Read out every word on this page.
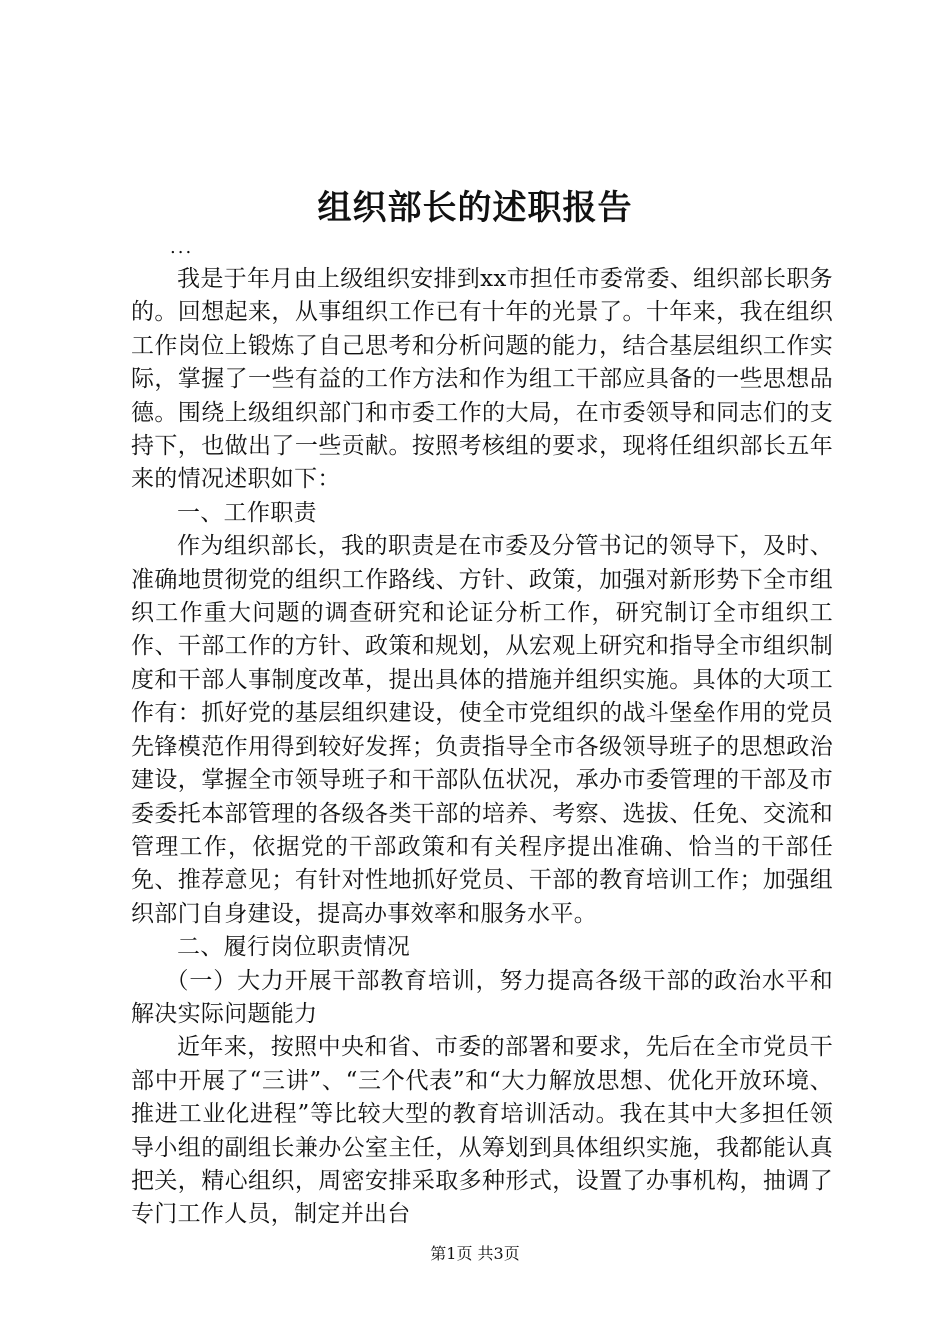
组织部长的述职报告
...

我是于年月由上级组织安排到xx市担任市委常委、组织部长职务的。回想起来，从事组织工作已有十年的光景了。十年来，我在组织工作岗位上锻炼了自己思考和分析问题的能力，结合基层组织工作实际，掌握了一些有益的工作方法和作为组工干部应具备的一些思想品德。围绕上级组织部门和市委工作的大局，在市委领导和同志们的支持下，也做出了一些贡献。按照考核组的要求，现将任组织部长五年来的情况述职如下：

一、工作职责

作为组织部长，我的职责是在市委及分管书记的领导下，及时、准确地贯彻党的组织工作路线、方针、政策，加强对新形势下全市组织工作重大问题的调查研究和论证分析工作，研究制订全市组织工作、干部工作的方针、政策和规划，从宏观上研究和指导全市组织制度和干部人事制度改革，提出具体的措施并组织实施。具体的大项工作有：抓好党的基层组织建设，使全市党组织的战斗堡垒作用的党员先锋模范作用得到较好发挥；负责指导全市各级领导班子的思想政治建设，掌握全市领导班子和干部队伍状况，承办市委管理的干部及市委委托本部管理的各级各类干部的培养、考察、选拔、任免、交流和管理工作，依据党的干部政策和有关程序提出准确、恰当的干部任免、推荐意见；有针对性地抓好党员、干部的教育培训工作；加强组织部门自身建设，提高办事效率和服务水平。

二、履行岗位职责情况

（一）大力开展干部教育培训，努力提高各级干部的政治水平和解决实际问题能力

近年来，按照中央和省、市委的部署和要求，先后在全市党员干部中开展了“三讲”、“三个代表”和“大力解放思想、优化开放环境、推进工业化进程”等比较大型的教育培训活动。我在其中大多担任领导小组的副组长兼办公室主任，从筹划到具体组织实施，我都能认真把关，精心组织，周密安排采取多种形式，设置了办事机构，抽调了专门工作人员，制定并出台

第1页 共3页
